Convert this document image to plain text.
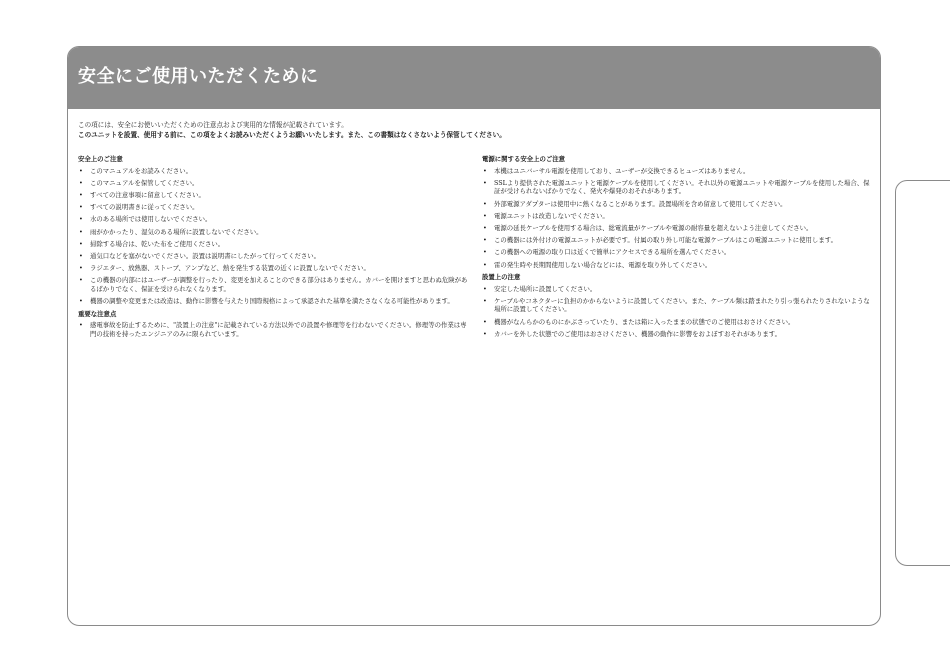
安全にご使用いただくために
この項には、安全にお使いいただくための注意点および実用的な情報が記載されています。
このユニットを設置、使用する前に、この項をよくお読みいただくようお願いいたします。また、この書類はなくさないよう保管してください。
安全上のご注意
• このマニュアルをお読みください。
• このマニュアルを保管してください。
• すべての注意事項に留意してください。
• すべての説明書きに従ってください。
• 水のある場所では使用しないでください。
• 雨がかかったり、湿気のある場所に設置しないでください。
• 掃除する場合は、乾いた布をご使用ください。
• 通気口などを塞がないでください。設置は説明書にしたがって行ってください。
• ラジエター、放熱器、ストーブ、アンプなど、熱を発生する装置の近くに設置しないでください。
• この機器の内部にはユーザーが調整を行ったり、変更を加えることのできる部分はありません。カバーを開けますと思わぬ危険があるばかりでなく、保証を受けられなくなります。
• 機器の調整や変更または改造は、動作に影響を与えたり国際規格によって承認された基準を満たさなくなる可能性があります。
重要な注意点
• 感電事故を防止するために、"設置上の注意"に記載されている方法以外での設置や修理等を行わないでください。修理等の作業は専門の技術を持ったエンジニアのみに限られています。
電源に関する安全上のご注意
• 本機はユニバーサル電源を使用しており、ユーザーが交換できるヒューズはありません。
• SSLより提供された電源ユニットと電源ケーブルを使用してください。それ以外の電源ユニットや電源ケーブルを使用した場合、保証が受けられないばかりでなく、発火や爆発のおそれがあります。
• 外部電源アダプターは使用中に熱くなることがあります。設置場所を含め留意して使用してください。
• 電源ユニットは改造しないでください。
• 電源の延長ケーブルを使用する場合は、総電流量がケーブルや電源の耐容量を超えないよう注意してください。
• この機器には外付けの電源ユニットが必要です。付属の取り外し可能な電源ケーブルはこの電源ユニットに使用します。
• この機器への電源の取り口は近くで簡単にアクセスできる場所を選んでください。
• 雷の発生時や長期間使用しない場合などには、電源を取り外してください。
設置上の注意
• 安定した場所に設置してください。
• ケーブルやコネクターに負担のかからないように設置してください。また、ケーブル類は踏まれたり引っ張られたりされないような場所に設置してください。
• 機器がなんらかのものにかぶさっていたり、または箱に入ったままの状態でのご使用はおさけください。
• カバーを外した状態でのご使用はおさけください、機器の動作に影響をおよぼすおそれがあります。
